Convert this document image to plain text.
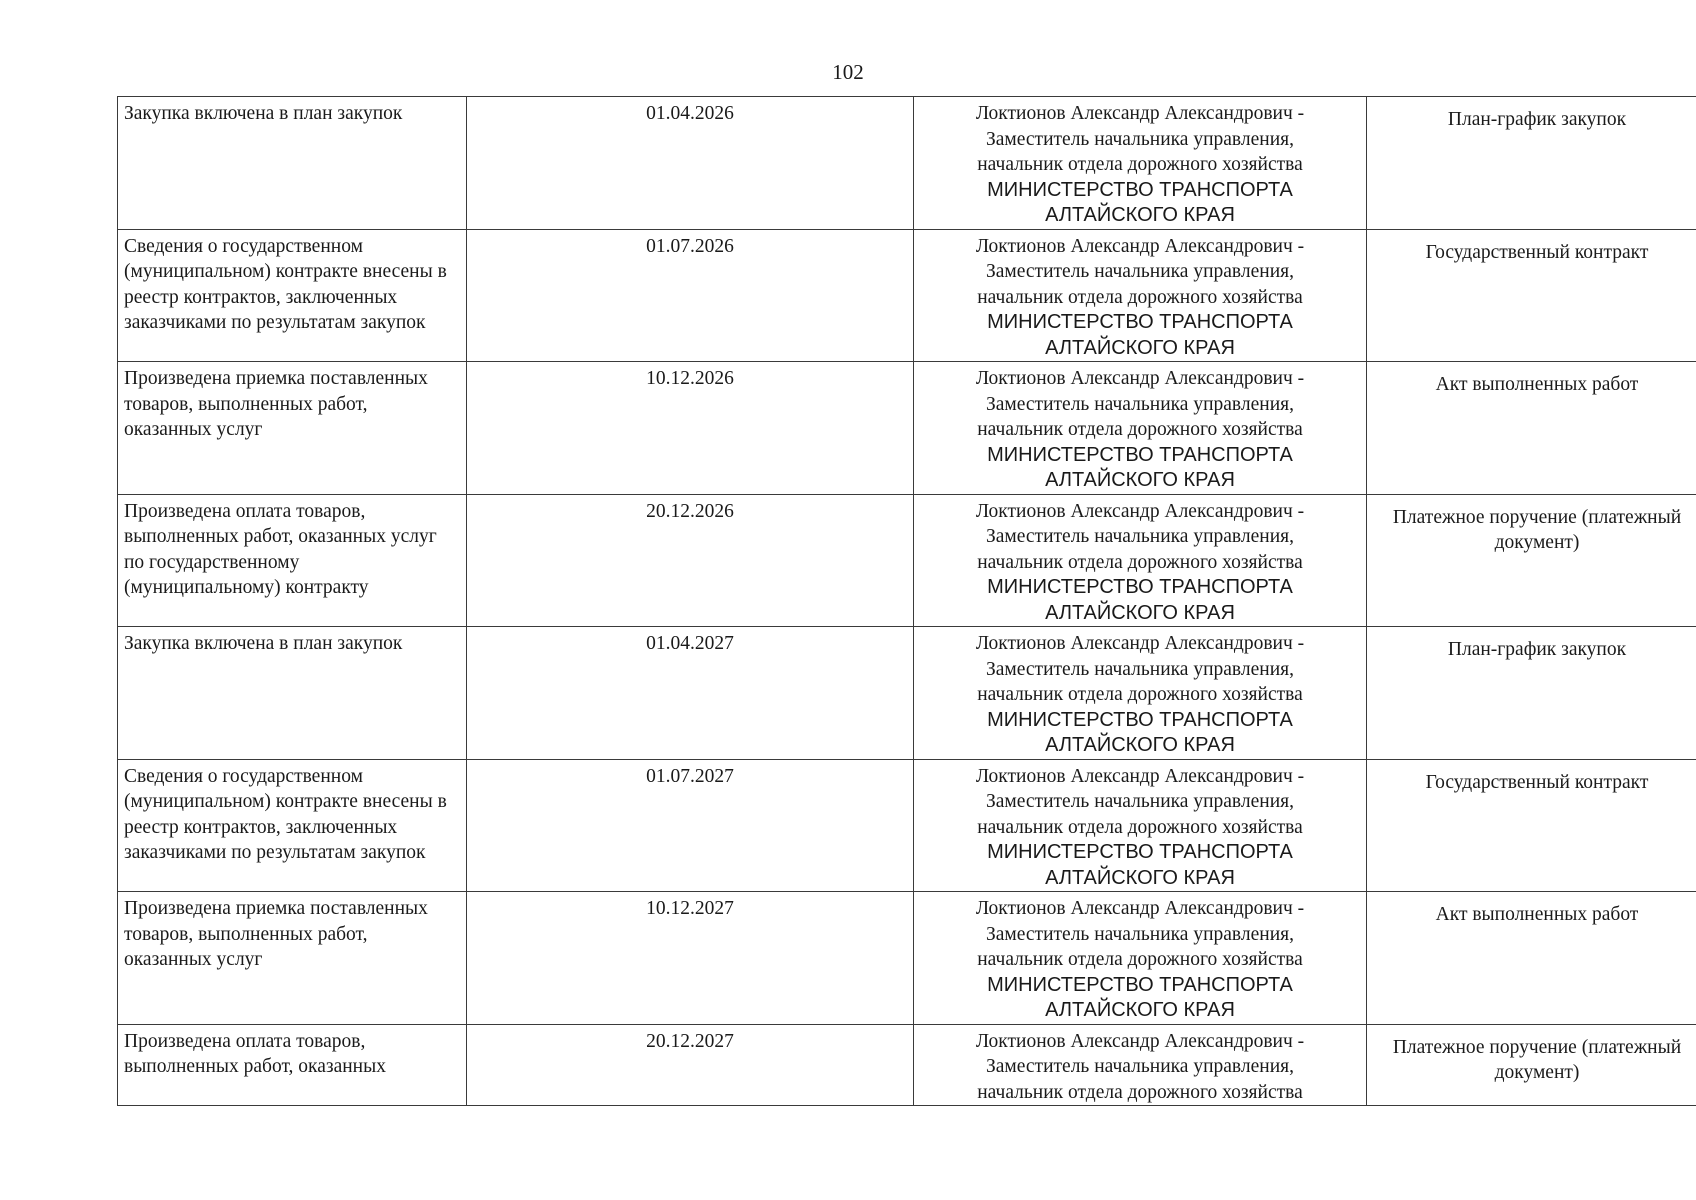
102
Закупка включена в план закупок	01.04.2026	Локтионов Александр Александрович -
Заместитель начальника управления,
начальник отдела дорожного хозяйства
МИНИСТЕРСТВО ТРАНСПОРТА
АЛТАЙСКОГО КРАЯ	План-график закупок

Сведения о государственном (муниципальном) контракте внесены в реестр контрактов, заключенных заказчиками по результатам закупок	01.07.2026	Локтионов Александр Александрович -
Заместитель начальника управления,
начальник отдела дорожного хозяйства
МИНИСТЕРСТВО ТРАНСПОРТА
АЛТАЙСКОГО КРАЯ	Государственный контракт

Произведена приемка поставленных товаров, выполненных работ, оказанных услуг	10.12.2026	Локтионов Александр Александрович -
Заместитель начальника управления,
начальник отдела дорожного хозяйства
МИНИСТЕРСТВО ТРАНСПОРТА
АЛТАЙСКОГО КРАЯ	Акт выполненных работ

Произведена оплата товаров, выполненных работ, оказанных услуг по государственному (муниципальному) контракту	20.12.2026	Локтионов Александр Александрович -
Заместитель начальника управления,
начальник отдела дорожного хозяйства
МИНИСТЕРСТВО ТРАНСПОРТА
АЛТАЙСКОГО КРАЯ	Платежное поручение (платежный документ)

Закупка включена в план закупок	01.04.2027	Локтионов Александр Александрович -
Заместитель начальника управления,
начальник отдела дорожного хозяйства
МИНИСТЕРСТВО ТРАНСПОРТА
АЛТАЙСКОГО КРАЯ	План-график закупок

Сведения о государственном (муниципальном) контракте внесены в реестр контрактов, заключенных заказчиками по результатам закупок	01.07.2027	Локтионов Александр Александрович -
Заместитель начальника управления,
начальник отдела дорожного хозяйства
МИНИСТЕРСТВО ТРАНСПОРТА
АЛТАЙСКОГО КРАЯ	Государственный контракт

Произведена приемка поставленных товаров, выполненных работ, оказанных услуг	10.12.2027	Локтионов Александр Александрович -
Заместитель начальника управления,
начальник отдела дорожного хозяйства
МИНИСТЕРСТВО ТРАНСПОРТА
АЛТАЙСКОГО КРАЯ	Акт выполненных работ

Произведена оплата товаров, выполненных работ, оказанных	20.12.2027	Локтионов Александр Александрович -
Заместитель начальника управления,
начальник отдела дорожного хозяйства	Платежное поручение (платежный документ)
